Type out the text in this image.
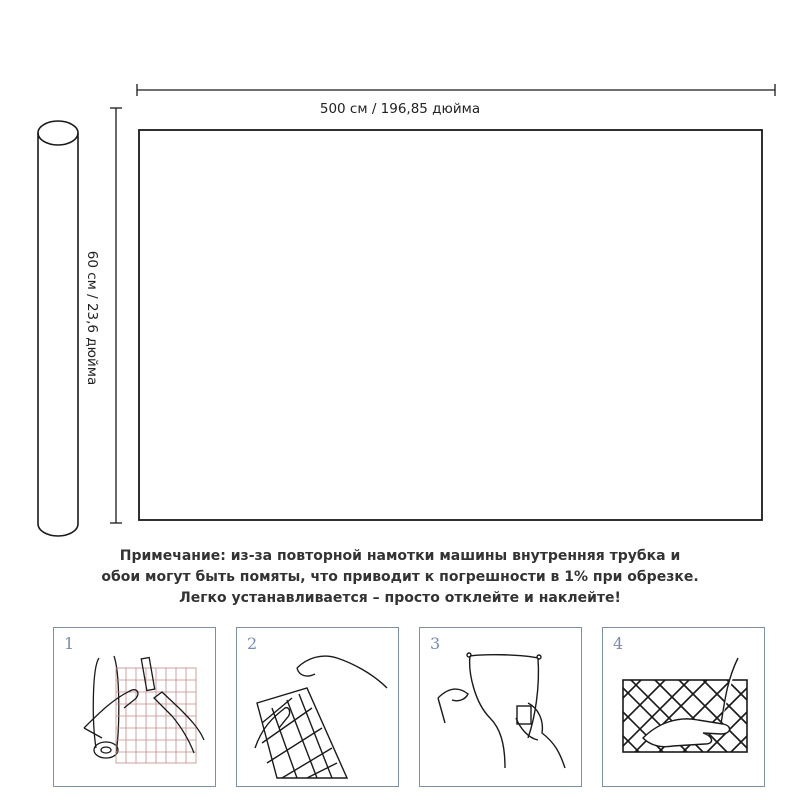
500 см / 196,85 дюйма
60 см / 23,6 дюйма
Примечание: из-за повторной намотки машины внутренняя трубка и
обои могут быть помяты, что приводит к погрешности в 1% при обрезке.
Легко устанавливается – просто отклейте и наклейте!
1	2	3	4
